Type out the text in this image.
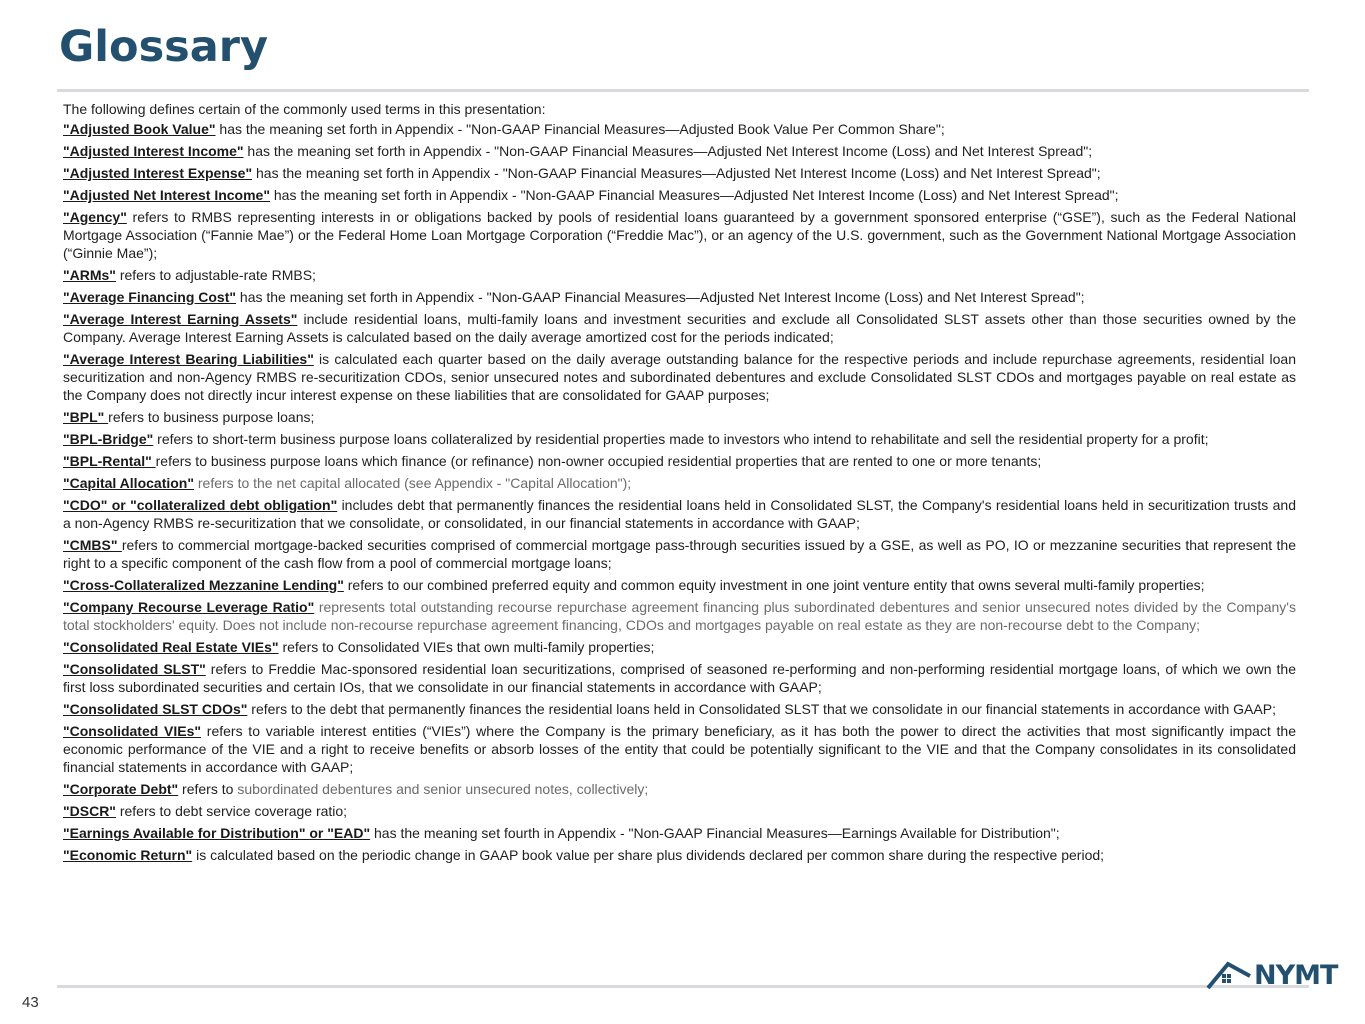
Glossary

The following defines certain of the commonly used terms in this presentation:

"Adjusted Book Value" has the meaning set forth in Appendix - "Non-GAAP Financial Measures—Adjusted Book Value Per Common Share";

"Adjusted Interest Income" has the meaning set forth in Appendix - "Non-GAAP Financial Measures—Adjusted Net Interest Income (Loss) and Net Interest Spread";

"Adjusted Interest Expense" has the meaning set forth in Appendix - "Non-GAAP Financial Measures—Adjusted Net Interest Income (Loss) and Net Interest Spread";

"Adjusted Net Interest Income" has the meaning set forth in Appendix - "Non-GAAP Financial Measures—Adjusted Net Interest Income (Loss) and Net Interest Spread";

"Agency" refers to RMBS representing interests in or obligations backed by pools of residential loans guaranteed by a government sponsored enterprise (“GSE”), such as the Federal National Mortgage Association (“Fannie Mae”) or the Federal Home Loan Mortgage Corporation (“Freddie Mac”), or an agency of the U.S. government, such as the Government National Mortgage Association (“Ginnie Mae”);

"ARMs" refers to adjustable-rate RMBS;

"Average Financing Cost" has the meaning set forth in Appendix - "Non-GAAP Financial Measures—Adjusted Net Interest Income (Loss) and Net Interest Spread";

"Average Interest Earning Assets" include residential loans, multi-family loans and investment securities and exclude all Consolidated SLST assets other than those securities owned by the Company. Average Interest Earning Assets is calculated based on the daily average amortized cost for the periods indicated;

"Average Interest Bearing Liabilities" is calculated each quarter based on the daily average outstanding balance for the respective periods and include repurchase agreements, residential loan securitization and non-Agency RMBS re-securitization CDOs, senior unsecured notes and subordinated debentures and exclude Consolidated SLST CDOs and mortgages payable on real estate as the Company does not directly incur interest expense on these liabilities that are consolidated for GAAP purposes;

"BPL" refers to business purpose loans;

"BPL-Bridge" refers to short-term business purpose loans collateralized by residential properties made to investors who intend to rehabilitate and sell the residential property for a profit;

"BPL-Rental" refers to business purpose loans which finance (or refinance) non-owner occupied residential properties that are rented to one or more tenants;

"Capital Allocation" refers to the net capital allocated (see Appendix - "Capital Allocation");

"CDO" or "collateralized debt obligation" includes debt that permanently finances the residential loans held in Consolidated SLST, the Company's residential loans held in securitization trusts and a non-Agency RMBS re-securitization that we consolidate, or consolidated, in our financial statements in accordance with GAAP;

"CMBS" refers to commercial mortgage-backed securities comprised of commercial mortgage pass-through securities issued by a GSE, as well as PO, IO or mezzanine securities that represent the right to a specific component of the cash flow from a pool of commercial mortgage loans;

"Cross-Collateralized Mezzanine Lending" refers to our combined preferred equity and common equity investment in one joint venture entity that owns several multi-family properties;

"Company Recourse Leverage Ratio" represents total outstanding recourse repurchase agreement financing plus subordinated debentures and senior unsecured notes divided by the Company's total stockholders' equity. Does not include non-recourse repurchase agreement financing, CDOs and mortgages payable on real estate as they are non-recourse debt to the Company;

"Consolidated Real Estate VIEs" refers to Consolidated VIEs that own multi-family properties;

"Consolidated SLST" refers to Freddie Mac-sponsored residential loan securitizations, comprised of seasoned re-performing and non-performing residential mortgage loans, of which we own the first loss subordinated securities and certain IOs, that we consolidate in our financial statements in accordance with GAAP;

"Consolidated SLST CDOs" refers to the debt that permanently finances the residential loans held in Consolidated SLST that we consolidate in our financial statements in accordance with GAAP;

"Consolidated VIEs" refers to variable interest entities (“VIEs”) where the Company is the primary beneficiary, as it has both the power to direct the activities that most significantly impact the economic performance of the VIE and a right to receive benefits or absorb losses of the entity that could be potentially significant to the VIE and that the Company consolidates in its consolidated financial statements in accordance with GAAP;

"Corporate Debt" refers to subordinated debentures and senior unsecured notes, collectively;

"DSCR" refers to debt service coverage ratio;

"Earnings Available for Distribution" or "EAD" has the meaning set fourth in Appendix - "Non-GAAP Financial Measures—Earnings Available for Distribution";

"Economic Return" is calculated based on the periodic change in GAAP book value per share plus dividends declared per common share during the respective period;

43
NYMT
